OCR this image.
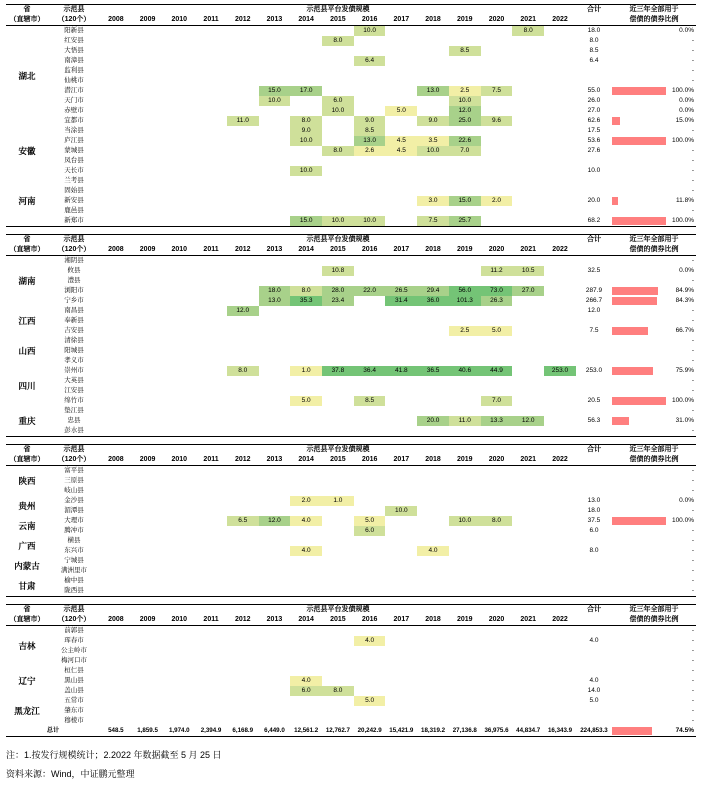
省	示范县	示范县平台发债规模															合计	近三年全部用于
（直辖市）	（120个）	2008	2009	2010	2011	2012	2013	2014	2015	2016	2017	2018	2019	2020	2021	2022		偿债的债券比例
湖北	阳新县									10.0					8.0		18.0	0.0%

	红安县								8.0								8.0	-

	大悟县												8.5				8.5	-

	南漳县									6.4							6.4	-

	监利县																	-

	仙桃市																	-

	潜江市						15.0	17.0				13.0	2.5	7.5			55.0	100.0%

	天门市						10.0		6.0				10.0				26.0	0.0%

	赤壁市								10.0		5.0		12.0				27.0	0.0%

	宜都市					11.0		8.0		9.0		9.0	25.0	9.6			62.6	15.0%

安徽	当涂县							9.0		8.5							17.5	-

	庐江县							10.0		13.0	4.5	3.5	22.6				53.6	100.0%

	蒙城县								8.0	2.6	4.5	10.0	7.0				27.6	-

	凤台县																	-

	天长市							10.0									10.0	-

河南	兰考县																	-

	固始县																	-

	新安县											3.0	15.0	2.0			20.0	11.8%

	鹿邑县																	-

	新郑市							15.0	10.0	10.0		7.5	25.7				68.2	100.0%
省	示范县	示范县平台发债规模															合计	近三年全部用于
（直辖市）	（120个）	2008	2009	2010	2011	2012	2013	2014	2015	2016	2017	2018	2019	2020	2021	2022		偿债的债券比例
湖南	湘阴县																	-

	攸县								10.8					11.2	10.5		32.5	0.0%

	澧县																	-

	浏阳市						18.0	8.0	28.0	22.0	26.5	29.4	56.0	73.0	27.0		287.9	84.9%

	宁乡市						13.0	35.3	23.4		31.4	36.0	101.3	26.3			266.7	84.3%

江西	南昌县					12.0											12.0	-

	奉新县																	-

	吉安县												2.5	5.0			7.5	66.7%

山西	清徐县																	-

	阳城县																	-

	孝义市																	-

四川	崇州市					8.0		1.0	37.8	36.4	41.8	36.5	40.6	44.9		253.0	253.0	75.9%

	大英县																	-

	江安县																	-

	绵竹市							5.0		8.5				7.0			20.5	100.0%

重庆	垫江县																	-

	忠县											20.0	11.0	13.3	12.0		56.3	31.0%

	彭水县																	-
省	示范县	示范县平台发债规模															合计	近三年全部用于
（直辖市）	（120个）	2008	2009	2010	2011	2012	2013	2014	2015	2016	2017	2018	2019	2020	2021	2022		偿债的债券比例
陕西	富平县																	-

	三原县																	-

	岐山县																	-

贵州	金沙县							2.0	1.0								13.0	0.0%

	湄潭县										10.0						18.0	-

云南	大理市					6.5	12.0	4.0		5.0			10.0	8.0			37.5	100.0%

	腾冲市									6.0							6.0	-

广西	横县																	-

	东兴市							4.0				4.0					8.0	-

内蒙古	宁城县																	-

	满洲里市																	-

甘肃	榆中县																	-

	陇西县																	-
省	示范县	示范县平台发债规模															合计	近三年全部用于
（直辖市）	（120个）	2008	2009	2010	2011	2012	2013	2014	2015	2016	2017	2018	2019	2020	2021	2022		偿债的债券比例
吉林	前郭县																	-

	珲春市									4.0							4.0	-

	公主岭市																	-

	梅河口市																	-

辽宁	桓仁县																	-

	黑山县							4.0									4.0	-

	盖山县							6.0	8.0								14.0	-

黑龙江	五常市									5.0							5.0	-

	肇东市																	-

	穆棱市																	-

总计		548.5	1,859.5	1,974.0	2,394.9	6,168.9	6,449.0	12,561.2	12,762.7	20,242.9	15,421.9	18,319.2	27,136.8	36,975.6	44,834.7	16,343.9	224,853.3	74.5%
注：1.按发行规模统计；2.2022 年数据截至 5 月 25 日
资料来源：Wind，中证鹏元整理
